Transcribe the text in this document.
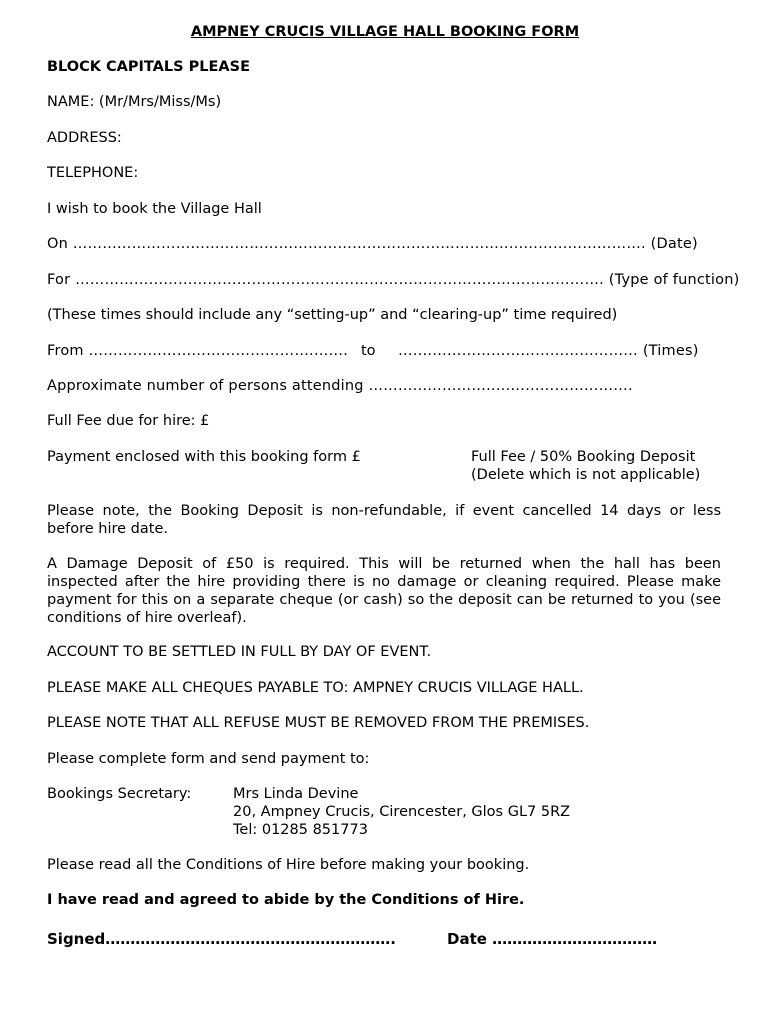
AMPNEY CRUCIS VILLAGE HALL BOOKING FORM
BLOCK CAPITALS PLEASE
NAME: (Mr/Mrs/Miss/Ms)
ADDRESS:
TELEPHONE:
I wish to book the Village Hall
On ……………………………………………………………………………..………………………. (Date)
For …………………………………………………………………………..…………………. (Type of function)
(These times should include any “setting-up” and “clearing-up” time required)
From ……………………………………….……. to …….…………………………………… (Times)
Approximate number of persons attending ……………………..……………………….
Full Fee due for hire: £
Payment enclosed with this booking form £	Full Fee / 50% Booking Deposit
(Delete which is not applicable)
Please note, the Booking Deposit is non-refundable, if event cancelled 14 days or less before hire date.
A Damage Deposit of £50 is required. This will be returned when the hall has been inspected after the hire providing there is no damage or cleaning required. Please make payment for this on a separate cheque (or cash) so the deposit can be returned to you (see conditions of hire overleaf).
ACCOUNT TO BE SETTLED IN FULL BY DAY OF EVENT.
PLEASE MAKE ALL CHEQUES PAYABLE TO: AMPNEY CRUCIS VILLAGE HALL.
PLEASE NOTE THAT ALL REFUSE MUST BE REMOVED FROM THE PREMISES.
Please complete form and send payment to:
Bookings Secretary:	Mrs Linda Devine
20, Ampney Crucis, Cirencester, Glos GL7 5RZ
Tel: 01285 851773
Please read all the Conditions of Hire before making your booking.
I have read and agreed to abide by the Conditions of Hire.
Signed………………………………………………….	Date ……………………………
